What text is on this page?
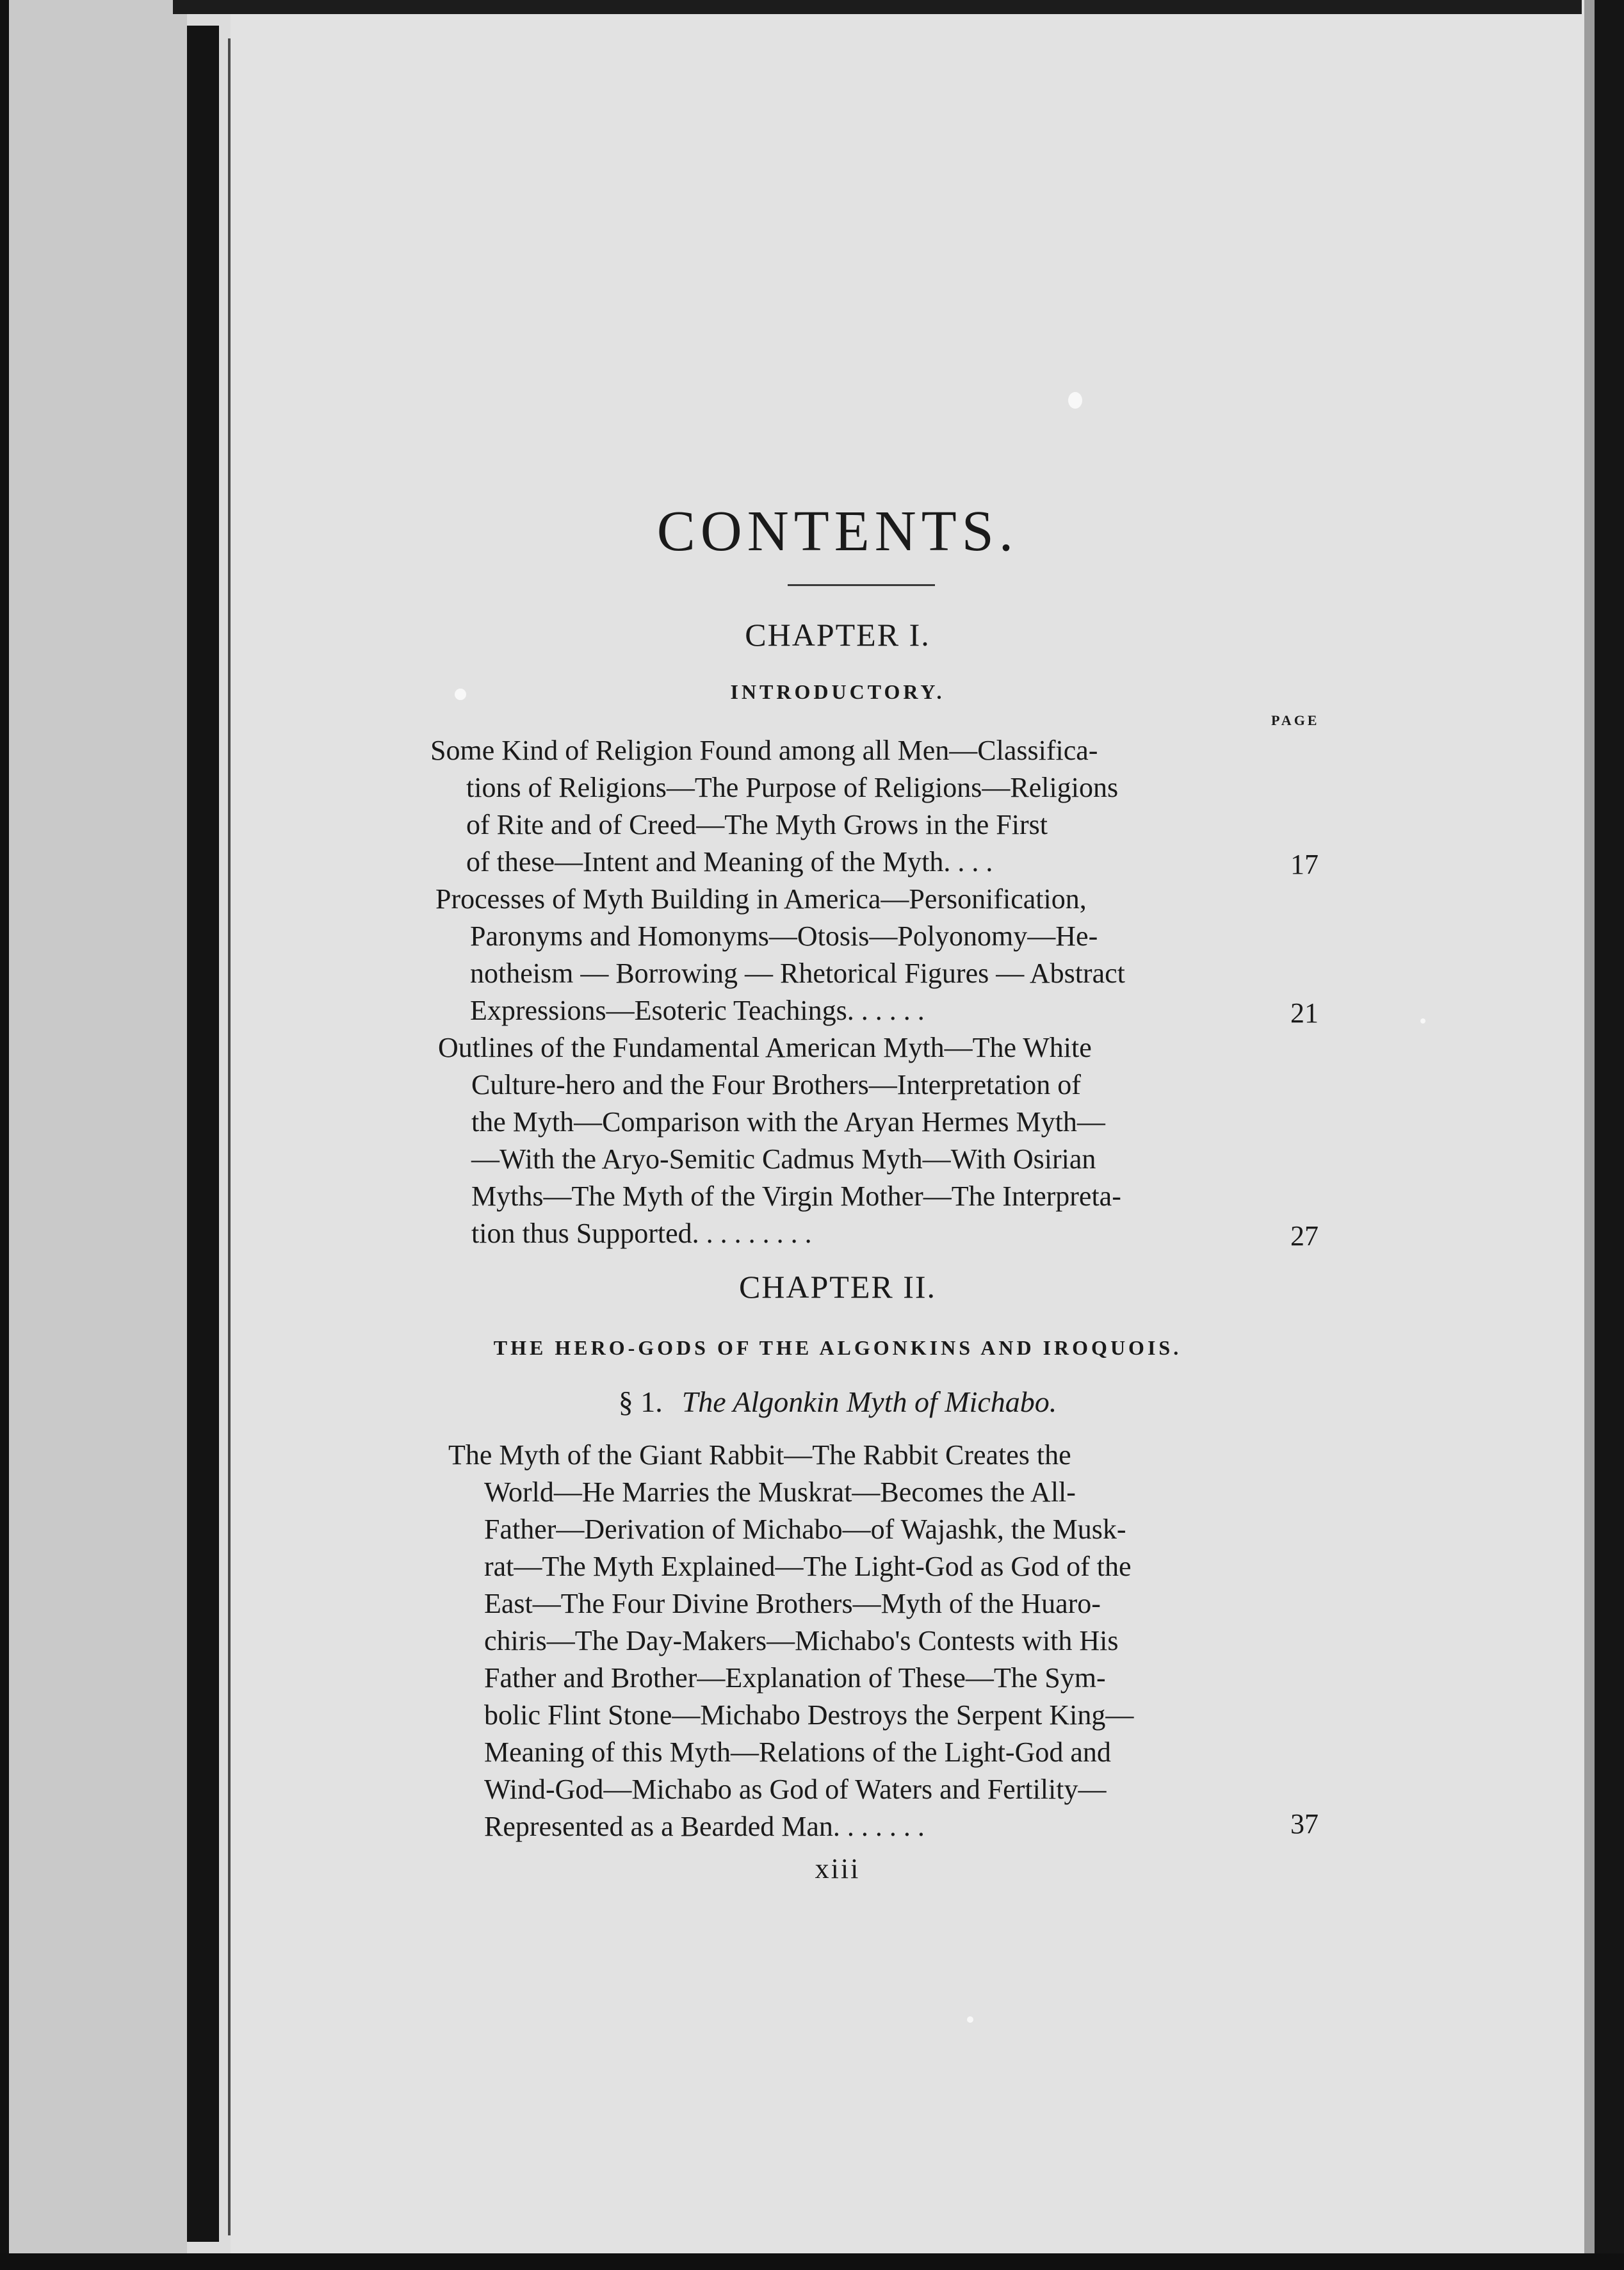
CONTENTS.
CHAPTER I.
INTRODUCTORY.
PAGE
Some Kind of Religion Found among all Men—Classifica-
tions of Religions—The Purpose of Religions—Religions
of Rite and of Creed—The Myth Grows in the First
of these—Intent and Meaning of the Myth. . . .	17
Processes of Myth Building in America—Personification,
Paronyms and Homonyms—Otosis—Polyonomy—He-
notheism — Borrowing — Rhetorical Figures — Abstract
Expressions—Esoteric Teachings. . . . . .	21
Outlines of the Fundamental American Myth—The White
Culture-hero and the Four Brothers—Interpretation of
the Myth—Comparison with the Aryan Hermes Myth—
—With the Aryo-Semitic Cadmus Myth—With Osirian
Myths—The Myth of the Virgin Mother—The Interpreta-
tion thus Supported. . . . . . . . .	27
CHAPTER II.
THE HERO-GODS OF THE ALGONKINS AND IROQUOIS.
§ 1. The Algonkin Myth of Michabo.
The Myth of the Giant Rabbit—The Rabbit Creates the
World—He Marries the Muskrat—Becomes the All-
Father—Derivation of Michabo—of Wajashk, the Musk-
rat—The Myth Explained—The Light-God as God of the
East—The Four Divine Brothers—Myth of the Huaro-
chiris—The Day-Makers—Michabo's Contests with His
Father and Brother—Explanation of These—The Sym-
bolic Flint Stone—Michabo Destroys the Serpent King—
Meaning of this Myth—Relations of the Light-God and
Wind-God—Michabo as God of Waters and Fertility—
Represented as a Bearded Man. . . . . . .	37
xiii
